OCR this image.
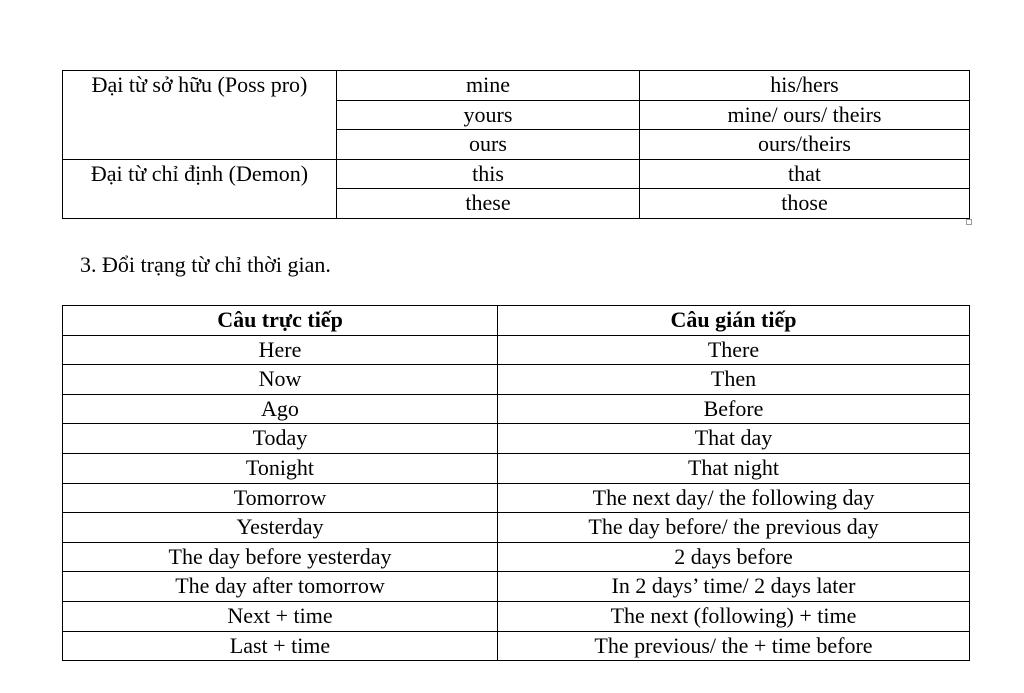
Đại từ sở hữu (Poss pro)	mine	his/hers
	yours	mine/ ours/ theirs
	ours	ours/theirs
Đại từ chỉ định (Demon)	this	that
	these	those

3. Đổi trạng từ chỉ thời gian.

Câu trực tiếp	Câu gián tiếp
Here	There
Now	Then
Ago	Before
Today	That day
Tonight	That night
Tomorrow	The next day/ the following day
Yesterday	The day before/ the previous day
The day before yesterday	2 days before
The day after tomorrow	In 2 days’ time/ 2 days later
Next + time	The next (following) + time
Last + time	The previous/ the + time before
